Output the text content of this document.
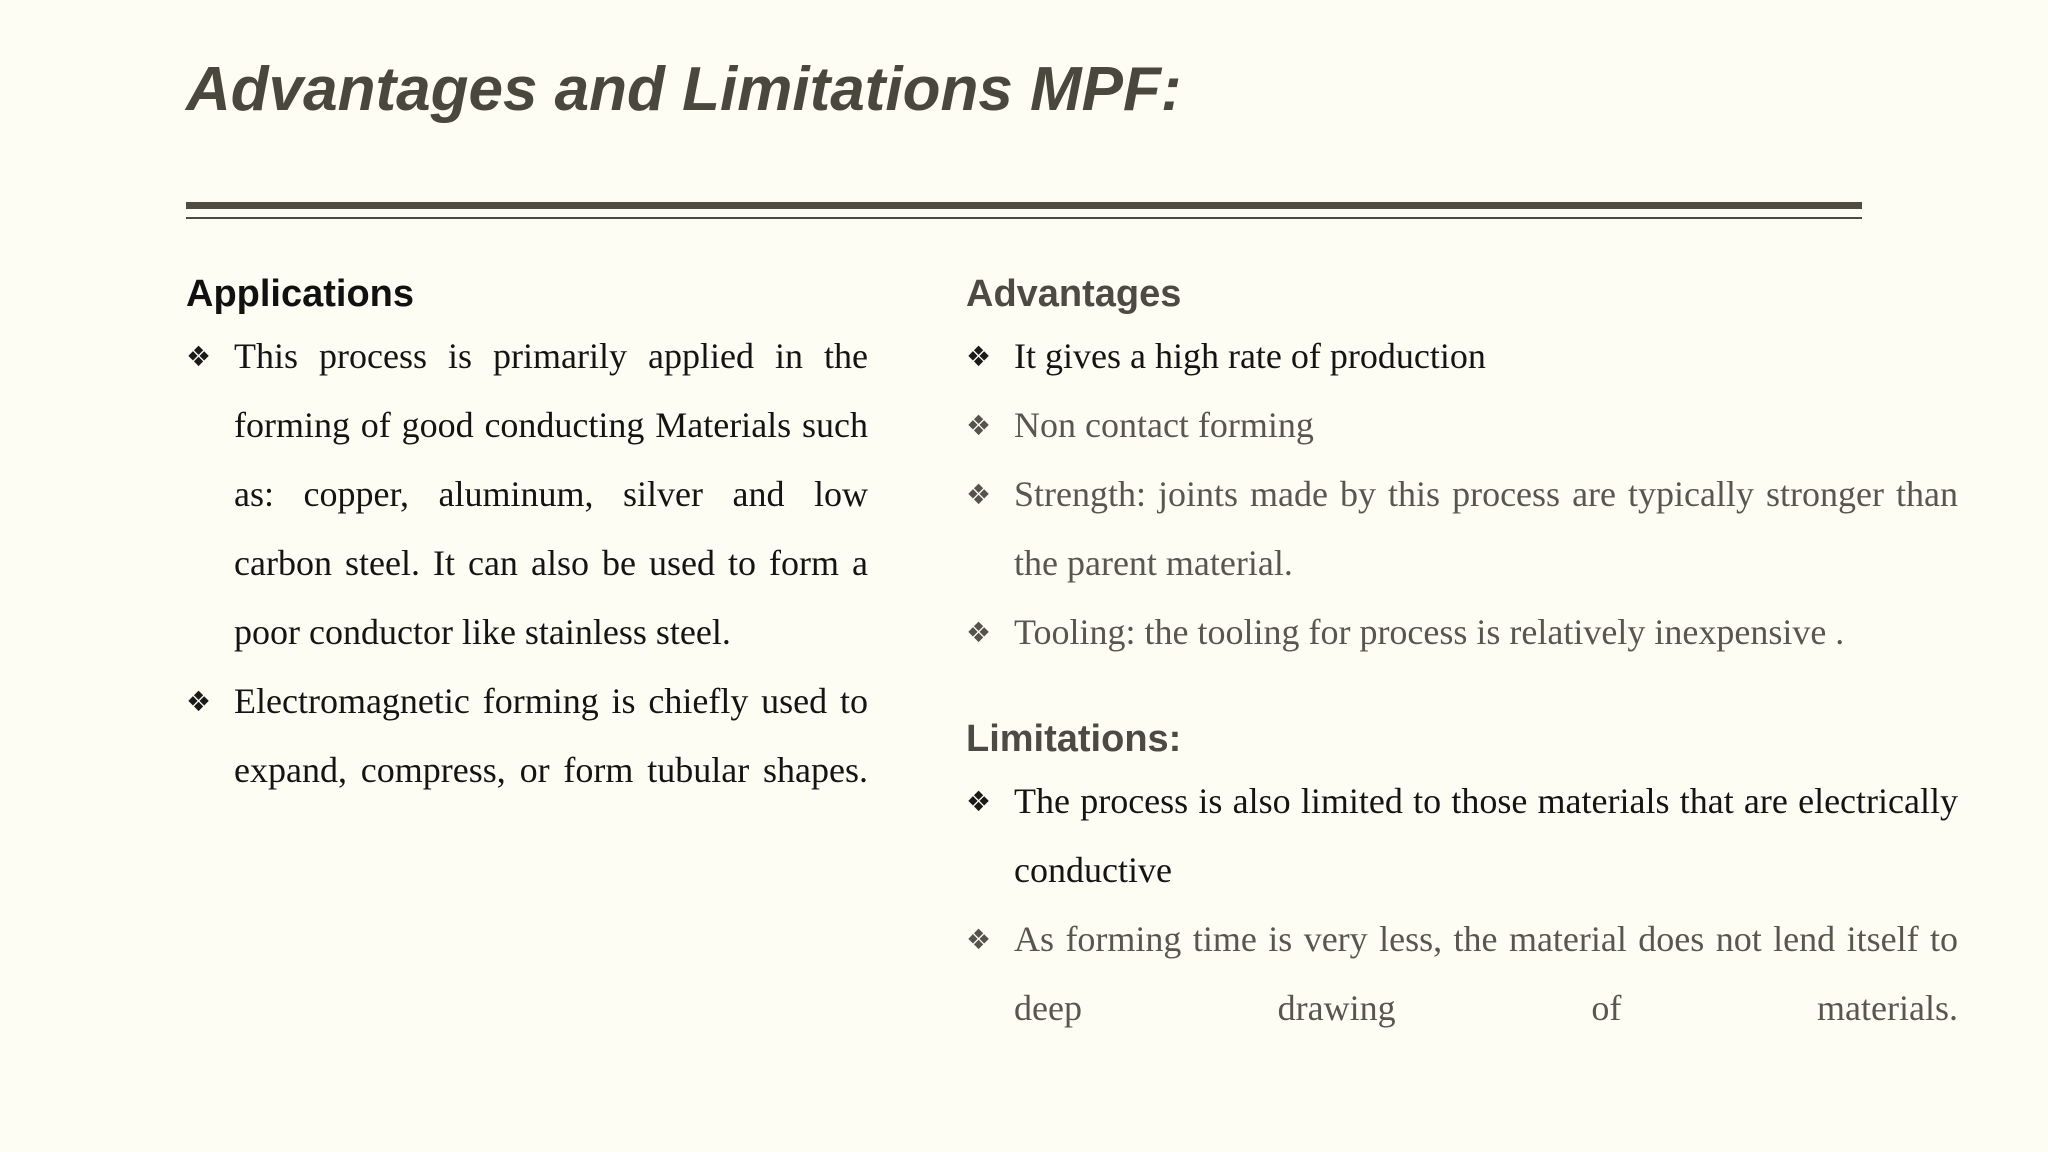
Advantages and Limitations MPF:
Applications
❖ This process is primarily applied in the forming of good conducting Materials such as: copper, aluminum, silver and low carbon steel. It can also be used to form a poor conductor like stainless steel.
❖ Electromagnetic forming is chiefly used to expand, compress, or form tubular shapes.
Advantages
❖ It gives a high rate of production
❖ Non contact forming
❖ Strength: joints made by this process are typically stronger than the parent material.
❖ Tooling: the tooling for process is relatively inexpensive .
Limitations:
❖ The process is also limited to those materials that are electrically conductive
❖ As forming time is very less, the material does not lend itself to deep drawing of materials.
